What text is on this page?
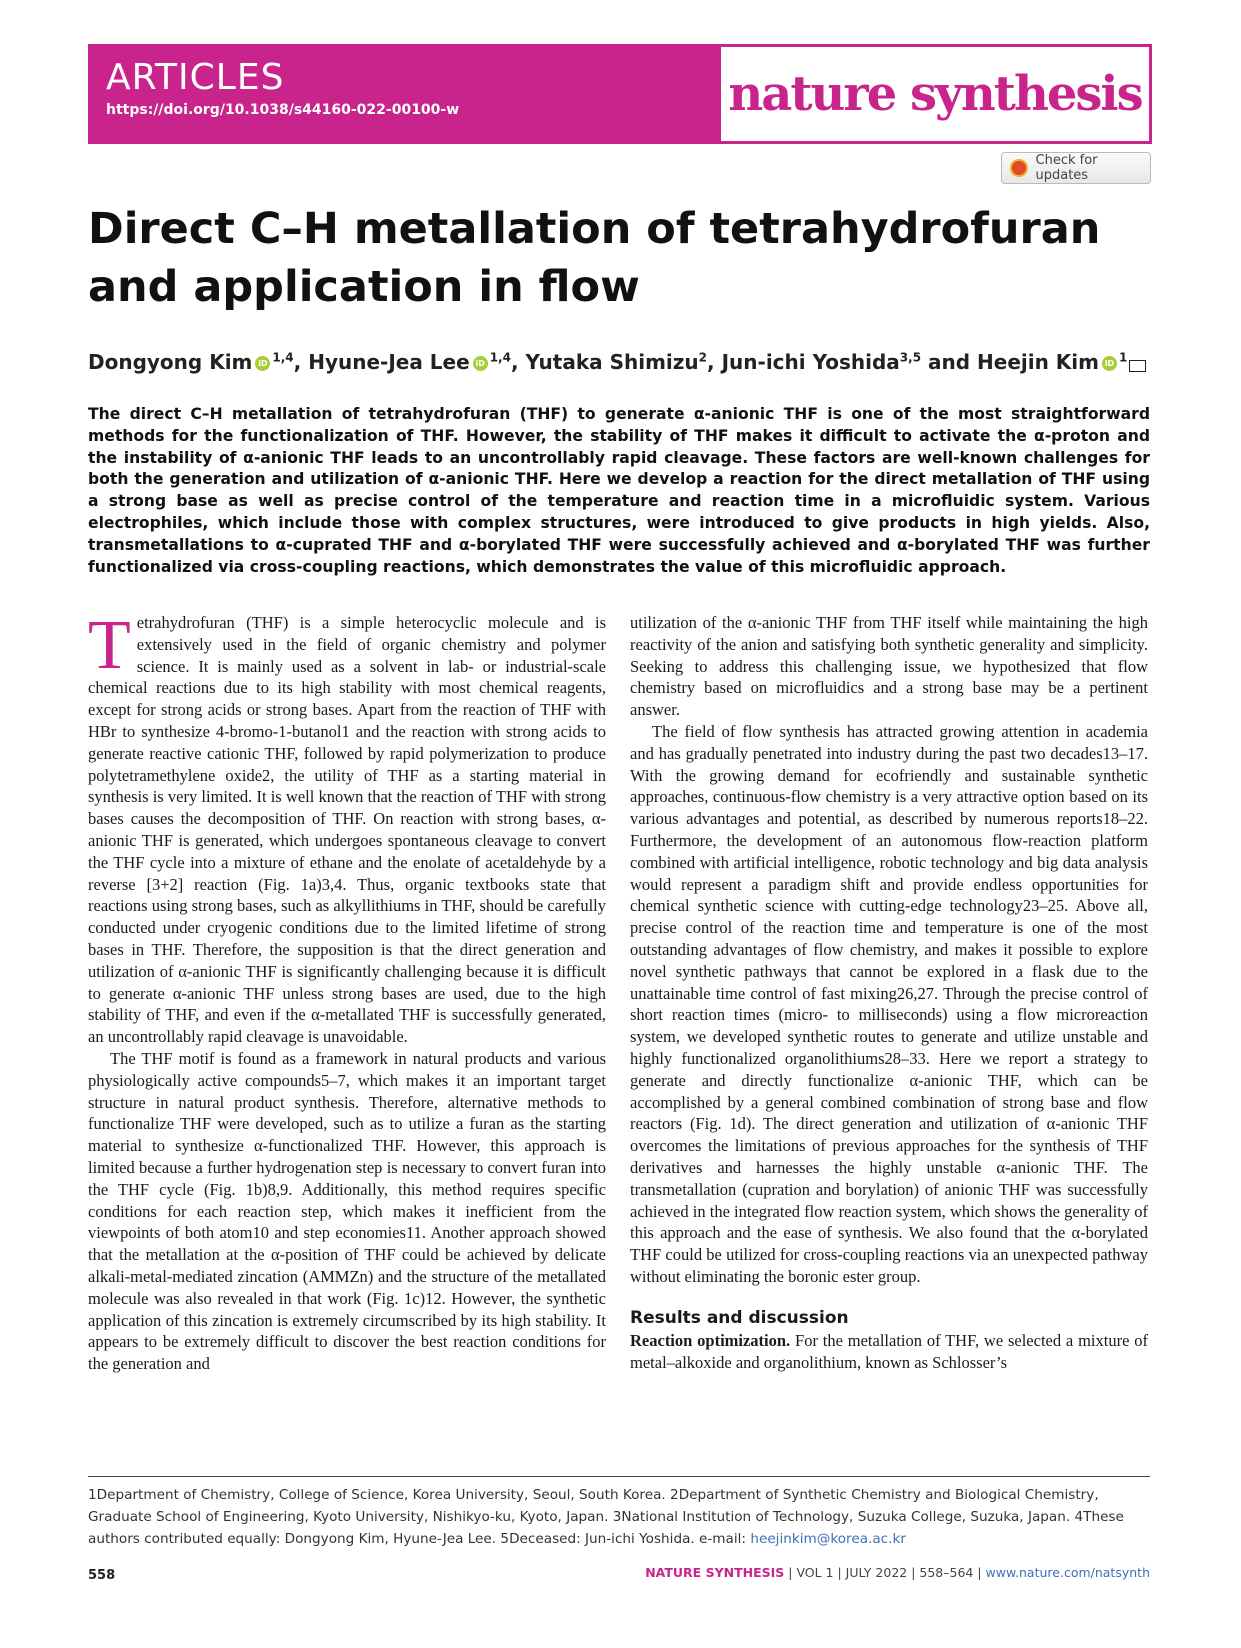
ARTICLES
https://doi.org/10.1038/s44160-022-00100-w	nature synthesis
Check for updates
Direct C–H metallation of tetrahydrofuran and application in flow
Dongyong Kim iD $^{1,4}$, Hyune-Jea Lee iD $^{1,4}$, Yutaka Shimizu$^2$, Jun-ichi Yoshida$^{3,5}$ and Heejin Kim iD $^1$

The direct C–H metallation of tetrahydrofuran (THF) to generate α-anionic THF is one of the most straightforward methods for the functionalization of THF. However, the stability of THF makes it difficult to activate the α-proton and the instability of α-anionic THF leads to an uncontrollably rapid cleavage. These factors are well-known challenges for both the generation and utilization of α-anionic THF. Here we develop a reaction for the direct metallation of THF using a strong base as well as precise control of the temperature and reaction time in a microfluidic system. Various electrophiles, which include those with complex structures, were introduced to give products in high yields. Also, transmetallations to α-cuprated THF and α-borylated THF were successfully achieved and α-borylated THF was further functionalized via cross-coupling reactions, which demonstrates the value of this microfluidic approach.

Tetrahydrofuran (THF) is a simple heterocyclic molecule and is extensively used in the field of organic chemistry and polymer science. It is mainly used as a solvent in lab- or industrial-scale chemical reactions due to its high stability with most chemical reagents, except for strong acids or strong bases. Apart from the reaction of THF with HBr to synthesize 4-bromo-1-butanol1 and the reaction with strong acids to generate reactive cationic THF, followed by rapid polymerization to produce polytetramethylene oxide2, the utility of THF as a starting material in synthesis is very limited. It is well known that the reaction of THF with strong bases causes the decomposition of THF. On reaction with strong bases, α-anionic THF is generated, which undergoes spontaneous cleavage to convert the THF cycle into a mixture of ethane and the enolate of acetaldehyde by a reverse [3+2] reaction (Fig. 1a)3,4. Thus, organic textbooks state that reactions using strong bases, such as alkyllithiums in THF, should be carefully conducted under cryogenic conditions due to the limited lifetime of strong bases in THF. Therefore, the supposition is that the direct generation and utilization of α-anionic THF is significantly challenging because it is difficult to generate α-anionic THF unless strong bases are used, due to the high stability of THF, and even if the α-metallated THF is successfully generated, an uncontrollably rapid cleavage is unavoidable.

The THF motif is found as a framework in natural products and various physiologically active compounds5–7, which makes it an important target structure in natural product synthesis. Therefore, alternative methods to functionalize THF were developed, such as to utilize a furan as the starting material to synthesize α-functionalized THF. However, this approach is limited because a further hydrogenation step is necessary to convert furan into the THF cycle (Fig. 1b)8,9. Additionally, this method requires specific conditions for each reaction step, which makes it inefficient from the viewpoints of both atom10 and step economies11. Another approach showed that the metallation at the α-position of THF could be achieved by delicate alkali-metal-mediated zincation (AMMZn) and the structure of the metallated molecule was also revealed in that work (Fig. 1c)12. However, the synthetic application of this zincation is extremely circumscribed by its high stability. It appears to be extremely difficult to discover the best reaction conditions for the generation and

utilization of the α-anionic THF from THF itself while maintaining the high reactivity of the anion and satisfying both synthetic generality and simplicity. Seeking to address this challenging issue, we hypothesized that flow chemistry based on microfluidics and a strong base may be a pertinent answer.

The field of flow synthesis has attracted growing attention in academia and has gradually penetrated into industry during the past two decades13–17. With the growing demand for ecofriendly and sustainable synthetic approaches, continuous-flow chemistry is a very attractive option based on its various advantages and potential, as described by numerous reports18–22. Furthermore, the development of an autonomous flow-reaction platform combined with artificial intelligence, robotic technology and big data analysis would represent a paradigm shift and provide endless opportunities for chemical synthetic science with cutting-edge technology23–25. Above all, precise control of the reaction time and temperature is one of the most outstanding advantages of flow chemistry, and makes it possible to explore novel synthetic pathways that cannot be explored in a flask due to the unattainable time control of fast mixing26,27. Through the precise control of short reaction times (micro- to milliseconds) using a flow microreaction system, we developed synthetic routes to generate and utilize unstable and highly functionalized organolithiums28–33. Here we report a strategy to generate and directly functionalize α-anionic THF, which can be accomplished by a general combined combination of strong base and flow reactors (Fig. 1d). The direct generation and utilization of α-anionic THF overcomes the limitations of previous approaches for the synthesis of THF derivatives and harnesses the highly unstable α-anionic THF. The transmetallation (cupration and borylation) of anionic THF was successfully achieved in the integrated flow reaction system, which shows the generality of this approach and the ease of synthesis. We also found that the α-borylated THF could be utilized for cross-coupling reactions via an unexpected pathway without eliminating the boronic ester group.

Results and discussion

Reaction optimization. For the metallation of THF, we selected a mixture of metal–alkoxide and organolithium, known as Schlosser’s

1Department of Chemistry, College of Science, Korea University, Seoul, South Korea. 2Department of Synthetic Chemistry and Biological Chemistry, Graduate School of Engineering, Kyoto University, Nishikyo-ku, Kyoto, Japan. 3National Institution of Technology, Suzuka College, Suzuka, Japan. 4These authors contributed equally: Dongyong Kim, Hyune-Jea Lee. 5Deceased: Jun-ichi Yoshida. e-mail: heejinkim@korea.ac.kr

558	NATURE SYNTHESIS | VOL 1 | JULY 2022 | 558–564 | www.nature.com/natsynth
